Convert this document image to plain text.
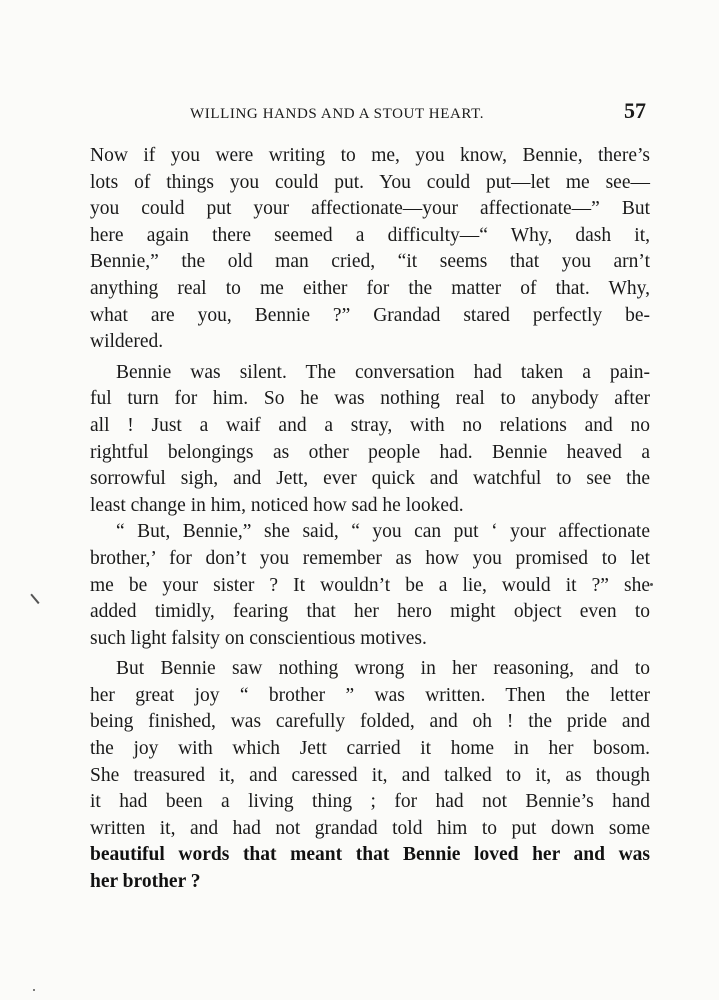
WILLING HANDS AND A STOUT HEART.	57
Now if you were writing to me, you know, Bennie, there’s
lots of things you could put. You could put—let me see—
you could put your affectionate—your affectionate—” But
here again there seemed a difficulty—“ Why, dash it,
Bennie,” the old man cried, “it seems that you arn’t
anything real to me either for the matter of that. Why,
what are you, Bennie ?” Grandad stared perfectly be-
wildered.
Bennie was silent. The conversation had taken a pain-
ful turn for him. So he was nothing real to anybody after
all ! Just a waif and a stray, with no relations and no
rightful belongings as other people had. Bennie heaved a
sorrowful sigh, and Jett, ever quick and watchful to see the
least change in him, noticed how sad he looked.
“ But, Bennie,” she said, “ you can put ‘ your affectionate
brother,’ for don’t you remember as how you promised to let
me be your sister ? It wouldn’t be a lie, would it ?” she
added timidly, fearing that her hero might object even to
such light falsity on conscientious motives.
But Bennie saw nothing wrong in her reasoning, and to
her great joy “ brother ” was written. Then the letter
being finished, was carefully folded, and oh ! the pride and
the joy with which Jett carried it home in her bosom.
She treasured it, and caressed it, and talked to it, as though
it had been a living thing ; for had not Bennie’s hand
written it, and had not grandad told him to put down some
beautiful words that meant that Bennie loved her and was
her brother ?
